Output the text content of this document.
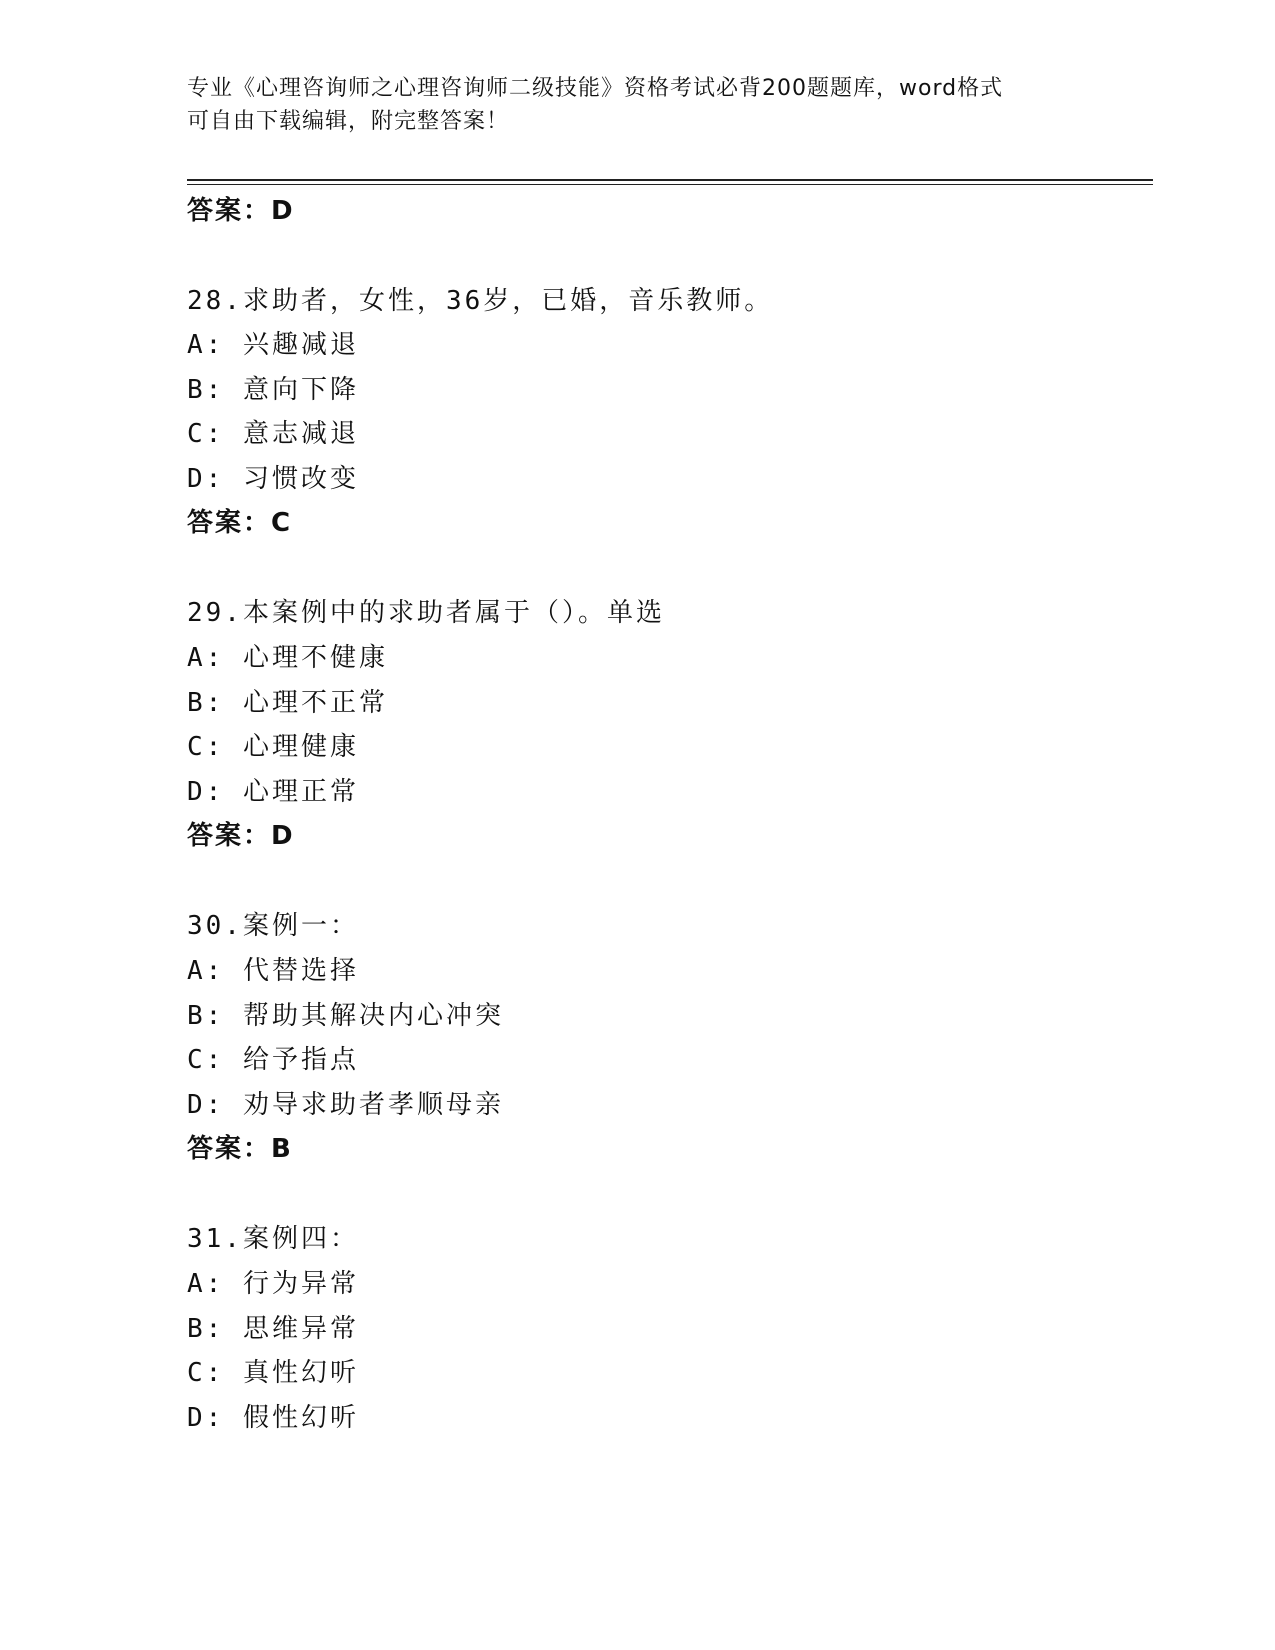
专业《心理咨询师之心理咨询师二级技能》资格考试必背200题题库，word格式
可自由下载编辑，附完整答案！
答案：D
28.求助者，女性，36岁，已婚，音乐教师。
A: 兴趣减退
B: 意向下降
C: 意志减退
D: 习惯改变
答案：C
29.本案例中的求助者属于（）。单选
A: 心理不健康
B: 心理不正常
C: 心理健康
D: 心理正常
答案：D
30.案例一：
A: 代替选择
B: 帮助其解决内心冲突
C: 给予指点
D: 劝导求助者孝顺母亲
答案：B
31.案例四：
A: 行为异常
B: 思维异常
C: 真性幻听
D: 假性幻听
